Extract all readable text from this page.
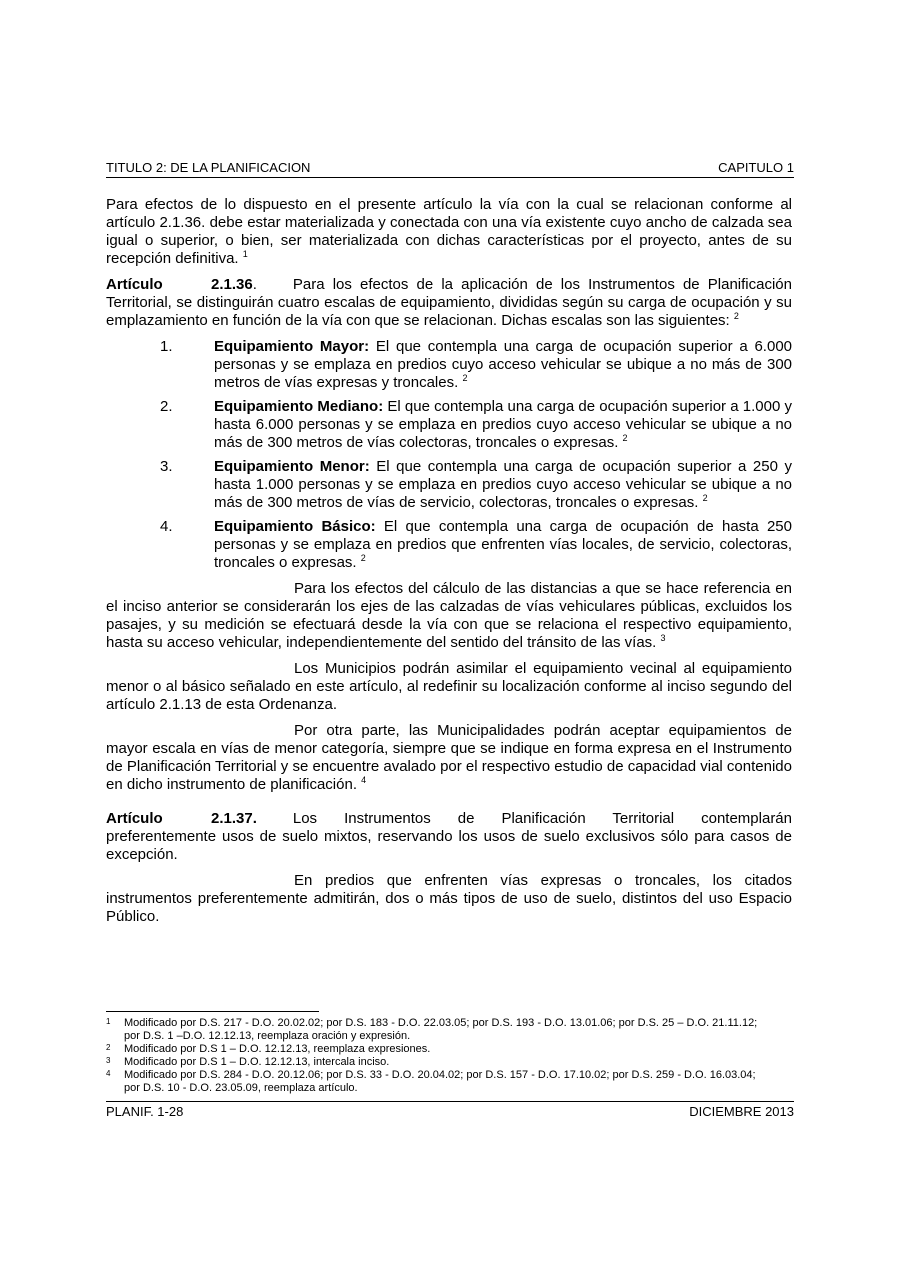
TITULO 2: DE LA PLANIFICACION	CAPITULO 1

Para efectos de lo dispuesto en el presente artículo la vía con la cual se relacionan conforme al artículo 2.1.36. debe estar materializada y conectada con una vía existente cuyo ancho de calzada sea igual o superior, o bien, ser materializada con dichas características por el proyecto, antes de su recepción definitiva. $^1$

Artículo	2.1.36. Para los efectos de la aplicación de los Instrumentos de Planificación Territorial, se distinguirán cuatro escalas de equipamiento, divididas según su carga de ocupación y su emplazamiento en función de la vía con que se relacionan. Dichas escalas son las siguientes: $^2$

1.	Equipamiento Mayor: El que contempla una carga de ocupación superior a 6.000 personas y se emplaza en predios cuyo acceso vehicular se ubique a no más de 300 metros de vías expresas y troncales. $^2$
2.	Equipamiento Mediano: El que contempla una carga de ocupación superior a 1.000 y hasta 6.000 personas y se emplaza en predios cuyo acceso vehicular se ubique a no más de 300 metros de vías colectoras, troncales o expresas. $^2$
3.	Equipamiento Menor: El que contempla una carga de ocupación superior a 250 y hasta 1.000 personas y se emplaza en predios cuyo acceso vehicular se ubique a no más de 300 metros de vías de servicio, colectoras, troncales o expresas. $^2$
4.	Equipamiento Básico: El que contempla una carga de ocupación de hasta 250 personas y se emplaza en predios que enfrenten vías locales, de servicio, colectoras, troncales o expresas. $^2$

Para los efectos del cálculo de las distancias a que se hace referencia en el inciso anterior se considerarán los ejes de las calzadas de vías vehiculares públicas, excluidos los pasajes, y su medición se efectuará desde la vía con que se relaciona el respectivo equipamiento, hasta su acceso vehicular, independientemente del sentido del tránsito de las vías. $^3$

Los Municipios podrán asimilar el equipamiento vecinal al equipamiento menor o al básico señalado en este artículo, al redefinir su localización conforme al inciso segundo del artículo 2.1.13 de esta Ordenanza.

Por otra parte, las Municipalidades podrán aceptar equipamientos de mayor escala en vías de menor categoría, siempre que se indique en forma expresa en el Instrumento de Planificación Territorial y se encuentre avalado por el respectivo estudio de capacidad vial contenido en dicho instrumento de planificación. $^4$

Artículo	2.1.37. Los Instrumentos de Planificación Territorial contemplarán preferentemente usos de suelo mixtos, reservando los usos de suelo exclusivos sólo para casos de excepción.

En predios que enfrenten vías expresas o troncales, los citados instrumentos preferentemente admitirán, dos o más tipos de uso de suelo, distintos del uso Espacio Público.

1	Modificado por D.S. 217 - D.O. 20.02.02; por D.S. 183 - D.O. 22.03.05; por D.S. 193 - D.O. 13.01.06; por D.S. 25 – D.O. 21.11.12; por D.S. 1 –D.O. 12.12.13, reemplaza oración y expresión.
2	Modificado por D.S 1 – D.O. 12.12.13, reemplaza expresiones.
3	Modificado por D.S 1 – D.O. 12.12.13, intercala inciso.
4	Modificado por D.S. 284 - D.O. 20.12.06; por D.S. 33 - D.O. 20.04.02; por D.S. 157 - D.O. 17.10.02; por D.S. 259 - D.O. 16.03.04; por D.S. 10 - D.O. 23.05.09, reemplaza artículo.
PLANIF. 1-28	DICIEMBRE 2013
